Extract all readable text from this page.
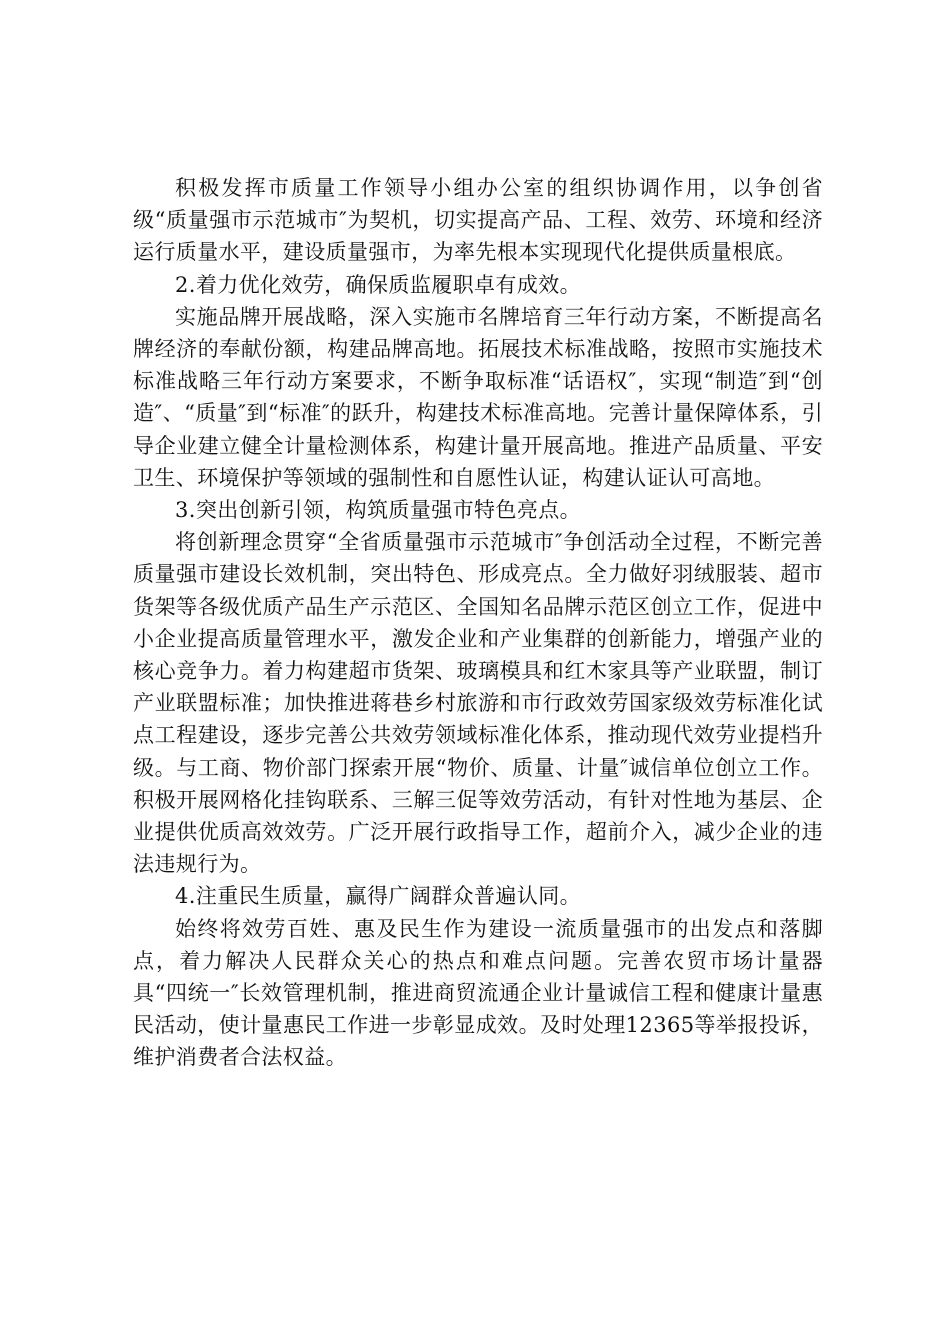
积极发挥市质量工作领导小组办公室的组织协调作用，以争创省级“质量强市示范城市″为契机，切实提高产品、工程、效劳、环境和经济运行质量水平，建设质量强市，为率先根本实现现代化提供质量根底。

2.着力优化效劳，确保质监履职卓有成效。

实施品牌开展战略，深入实施市名牌培育三年行动方案，不断提高名牌经济的奉献份额，构建品牌高地。拓展技术标准战略，按照市实施技术标准战略三年行动方案要求，不断争取标准“话语权″，实现“制造″到“创造″、“质量″到“标准″的跃升，构建技术标准高地。完善计量保障体系，引导企业建立健全计量检测体系，构建计量开展高地。推进产品质量、平安卫生、环境保护等领域的强制性和自愿性认证，构建认证认可高地。

3.突出创新引领，构筑质量强市特色亮点。

将创新理念贯穿“全省质量强市示范城市″争创活动全过程，不断完善质量强市建设长效机制，突出特色、形成亮点。全力做好羽绒服装、超市货架等各级优质产品生产示范区、全国知名品牌示范区创立工作，促进中小企业提高质量管理水平，激发企业和产业集群的创新能力，增强产业的核心竞争力。着力构建超市货架、玻璃模具和红木家具等产业联盟，制订产业联盟标准；加快推进蒋巷乡村旅游和市行政效劳国家级效劳标准化试点工程建设，逐步完善公共效劳领域标准化体系，推动现代效劳业提档升级。与工商、物价部门探索开展“物价、质量、计量″诚信单位创立工作。积极开展网格化挂钩联系、三解三促等效劳活动，有针对性地为基层、企业提供优质高效效劳。广泛开展行政指导工作，超前介入，减少企业的违法违规行为。

4.注重民生质量，赢得广阔群众普遍认同。

始终将效劳百姓、惠及民生作为建设一流质量强市的出发点和落脚点，着力解决人民群众关心的热点和难点问题。完善农贸市场计量器具“四统一″长效管理机制，推进商贸流通企业计量诚信工程和健康计量惠民活动，使计量惠民工作进一步彰显成效。及时处理12365等举报投诉，维护消费者合法权益。
